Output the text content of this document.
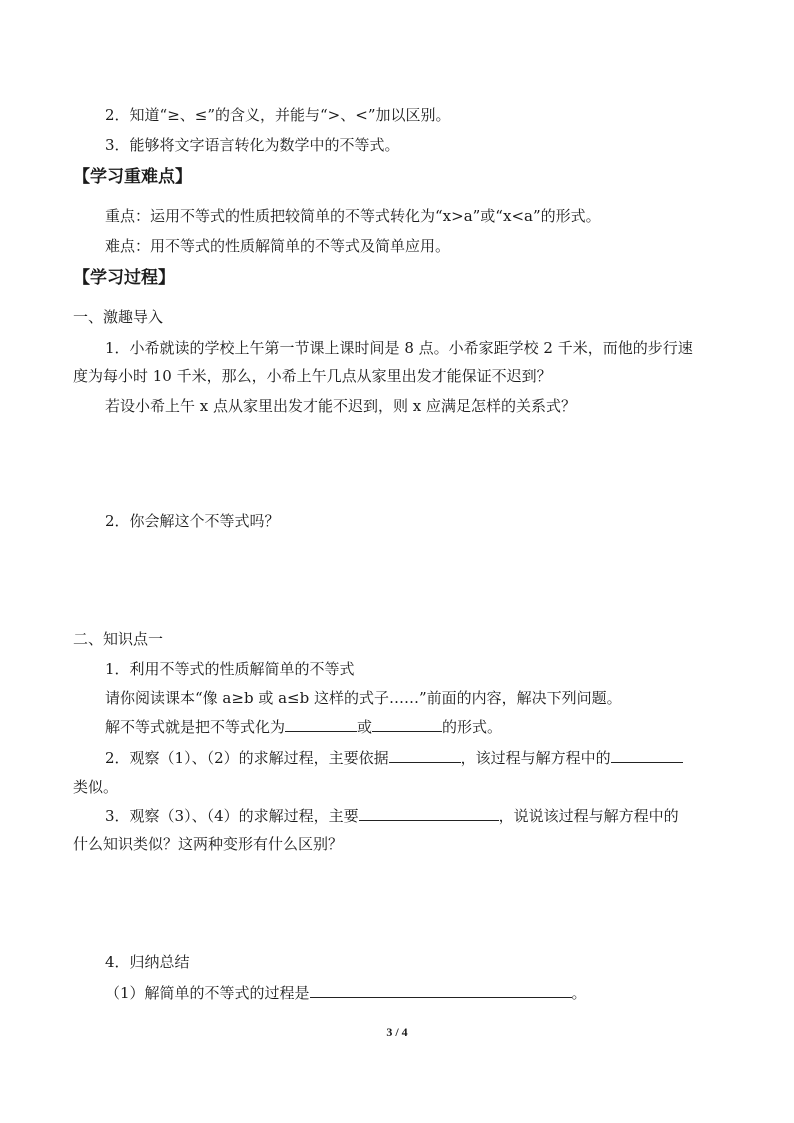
2．知道“≥、≤”的含义，并能与“>、<”加以区别。
3．能够将文字语言转化为数学中的不等式。
【学习重难点】
重点：运用不等式的性质把较简单的不等式转化为“x>a”或“x<a”的形式。
难点：用不等式的性质解简单的不等式及简单应用。
【学习过程】
一、激趣导入
1．小希就读的学校上午第一节课上课时间是 8 点。小希家距学校 2 千米，而他的步行速
度为每小时 10 千米，那么，小希上午几点从家里出发才能保证不迟到？
若设小希上午 x 点从家里出发才能不迟到，则 x 应满足怎样的关系式？
2．你会解这个不等式吗？
二、知识点一
1．利用不等式的性质解简单的不等式
请你阅读课本“像 a≥b 或 a≤b 这样的式子……”前面的内容，解决下列问题。
解不等式就是把不等式化为	或	的形式。
2．观察（1）、（2）的求解过程，主要依据	，该过程与解方程中的
类似。
3．观察（3）、（4）的求解过程，主要	，说说该过程与解方程中的
什么知识类似？这两种变形有什么区别？
4．归纳总结
（1）解简单的不等式的过程是	。
3 / 4
